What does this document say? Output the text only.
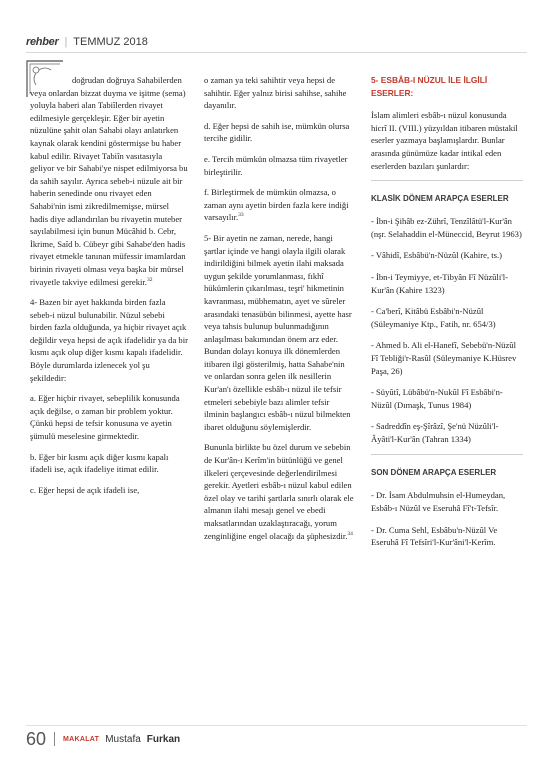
rehber | TEMMUZ 2018

doğrudan doğruya Sahabilerden veya onlardan bizzat duyma ve işitme (sema) yoluyla haberi alan Tabiîlerden rivayet edilmesiyle gerçekleşir. Eğer bir ayetin nüzulüne şahit olan Sahabi olayı anlatırken kaynak olarak kendini göstermişse bu haber kabul edilir. Rivayet Tabiîn vasıtasıyla geliyor ve bir Sahabi'ye nispet edilmiyorsa bu da sahih sayılır. Ayrıca sebeb-i nüzule ait bir haberin senedinde onu rivayet eden Sahabi'nin ismi zikredilmemişse, mürsel hadis diye adlandırılan bu rivayetin muteber sayılabilmesi için bunun Mücâhid b. Cebr, İkrime, Saîd b. Cübeyr gibi Sahabe'den hadis rivayet etmekle tanınan müfessir imamlardan birinin rivayeti olması veya başka bir mürsel rivayetle takviye edilmesi gerekir.$^{32}$

4- Bazen bir ayet hakkında birden fazla sebeb-i nüzul bulunabilir. Nüzul sebebi birden fazla olduğunda, ya hiçbir rivayet açık değildir veya hepsi de açık ifadelidir ya da bir kısmı açık olup diğer kısmı kapalı ifadelidir. Böyle durumlarda izlenecek yol şu şekildedir:

a. Eğer hiçbir rivayet, sebeplilik konusunda açık değilse, o zaman bir problem yoktur. Çünkü hepsi de tefsir konusuna ve ayetin şümulü meselesine girmektedir.

b. Eğer bir kısmı açık diğer kısmı kapalı ifadeli ise, açık ifadeliye itimat edilir.

c. Eğer hepsi de açık ifadeli ise,

o zaman ya teki sahihtir veya hepsi de sahihtir. Eğer yalnız birisi sahihse, sahihe dayanılır.

d. Eğer hepsi de sahih ise, mümkün olursa tercihe gidilir.

e. Tercih mümkün olmazsa tüm rivayetler birleştirilir.

f. Birleştirmek de mümkün olmazsa, o zaman aynı ayetin birden fazla kere indiği varsayılır.$^{33}$

5- Bir ayetin ne zaman, nerede, hangi şartlar içinde ve hangi olayla ilgili olarak indirildiğini bilmek ayetin ilahi maksada uygun şekilde yorumlanması, fıkhî hükümlerin çıkarılması, teşri' hikmetinin kavranması, mübhematın, ayet ve sûreler arasındaki tenasübün bilinmesi, ayette hasr veya tahsis bulunup bulunmadığının anlaşılması bakımından önem arz eder. Bundan dolayı konuya ilk dönemlerden itibaren ilgi gösterilmiş, hatta Sahabe'nin ve onlardan sonra gelen ilk nesillerin Kur'an'ı özellikle esbâb-ı nüzul ile tefsir etmeleri sebebiyle bazı alimler tefsir ilminin başlangıcı esbâb-ı nüzul bilmekten ibaret olduğunu söylemişlerdir.

Bununla birlikte bu özel durum ve sebebin de Kur'ân-ı Kerîm'in bütünlüğü ve genel ilkeleri çerçevesinde değerlendirilmesi gerekir. Ayetleri esbâb-ı nüzul kabul edilen özel olay ve tarihi şartlarla sınırlı olarak ele almanın ilahi mesajı genel ve ebedi maksatlarından uzaklaştıracağı, yorum zenginliğine engel olacağı da şüphesizdir.$^{34}$

5- ESBÂB-I NÜZUL İLE İLGİLİ ESERLER:

İslam alimleri esbâb-ı nüzul konusunda hicrî II. (VIII.) yüzyıldan itibaren müstakil eserler yazmaya başlamışlardır. Bunlar arasında günümüze kadar intikal eden eserlerden bazıları şunlardır:

KLASİK DÖNEM ARAPÇA ESERLER
- İbn-i Şihâb ez-Zührî, Tenzîlâtü'l-Kur'ân (nşr. Selahaddin el-Müneccid, Beyrut 1963)
- Vâhidî, Esbâbü'n-Nüzûl (Kahire, ts.)
- İbn-i Teymiyye, et-Tibyân Fî Nüzûli'l-Kur'ân (Kahire 1323)
- Ca'berî, Kitâbü Esbâbi'n-Nüzûl (Süleymaniye Ktp., Fatih, nr. 654/3)
- Ahmed b. Ali el-Hanefî, Sebebü'n-Nüzûl Fî Tebliği'r-Rasûl (Süleymaniye K.Hüsrev Paşa, 26)
- Süyûtî, Lübâbü'n-Nukûl Fî Esbâbi'n-Nüzûl (Dımaşk, Tunus 1984)
- Sadreddîn eş-Şîrâzî, Şe'nü Nüzûli'l-Âyâti'l-Kur'ân (Tahran 1334)
SON DÖNEM ARAPÇA ESERLER
- Dr. İsam Abdulmuhsin el-Humeydan, Esbâb-ı Nüzûl ve Eseruhâ Fî't-Tefsîr.
- Dr. Cuma Sehl, Esbâbu'n-Nüzûl Ve Eseruhâ Fî Tefsîri'l-Kur'âni'l-Kerîm.
60 MAKALAT Mustafa Furkan
